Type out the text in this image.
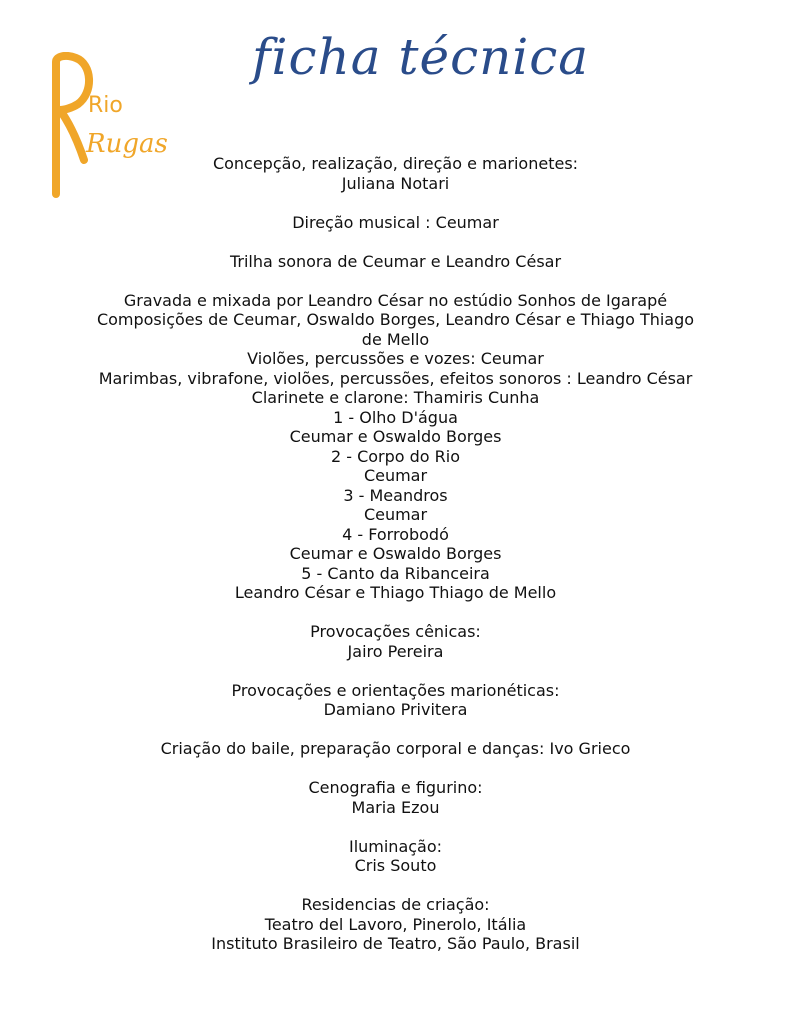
Rio
Rugas
ficha técnica
Concepção, realização, direção e marionetes:
Juliana Notari
Direção musical : Ceumar
Trilha sonora de Ceumar e Leandro César
Gravada e mixada por Leandro César no estúdio Sonhos de Igarapé
Composições de Ceumar, Oswaldo Borges, Leandro César e Thiago Thiago de Mello
Violões, percussões e vozes: Ceumar
Marimbas, vibrafone, violões, percussões, efeitos sonoros : Leandro César
Clarinete e clarone: Thamiris Cunha
1 - Olho D'água
Ceumar e Oswaldo Borges
2 - Corpo do Rio
Ceumar
3 - Meandros
Ceumar
4 - Forrobodó
Ceumar e Oswaldo Borges
5 - Canto da Ribanceira
Leandro César e Thiago Thiago de Mello
Provocações cênicas:
Jairo Pereira
Provocações e orientações marionéticas:
Damiano Privitera
Criação do baile, preparação corporal e danças: Ivo Grieco
Cenografia e figurino:
Maria Ezou
Iluminação:
Cris Souto
Residencias de criação:
Teatro del Lavoro, Pinerolo, Itália
Instituto Brasileiro de Teatro, São Paulo, Brasil
